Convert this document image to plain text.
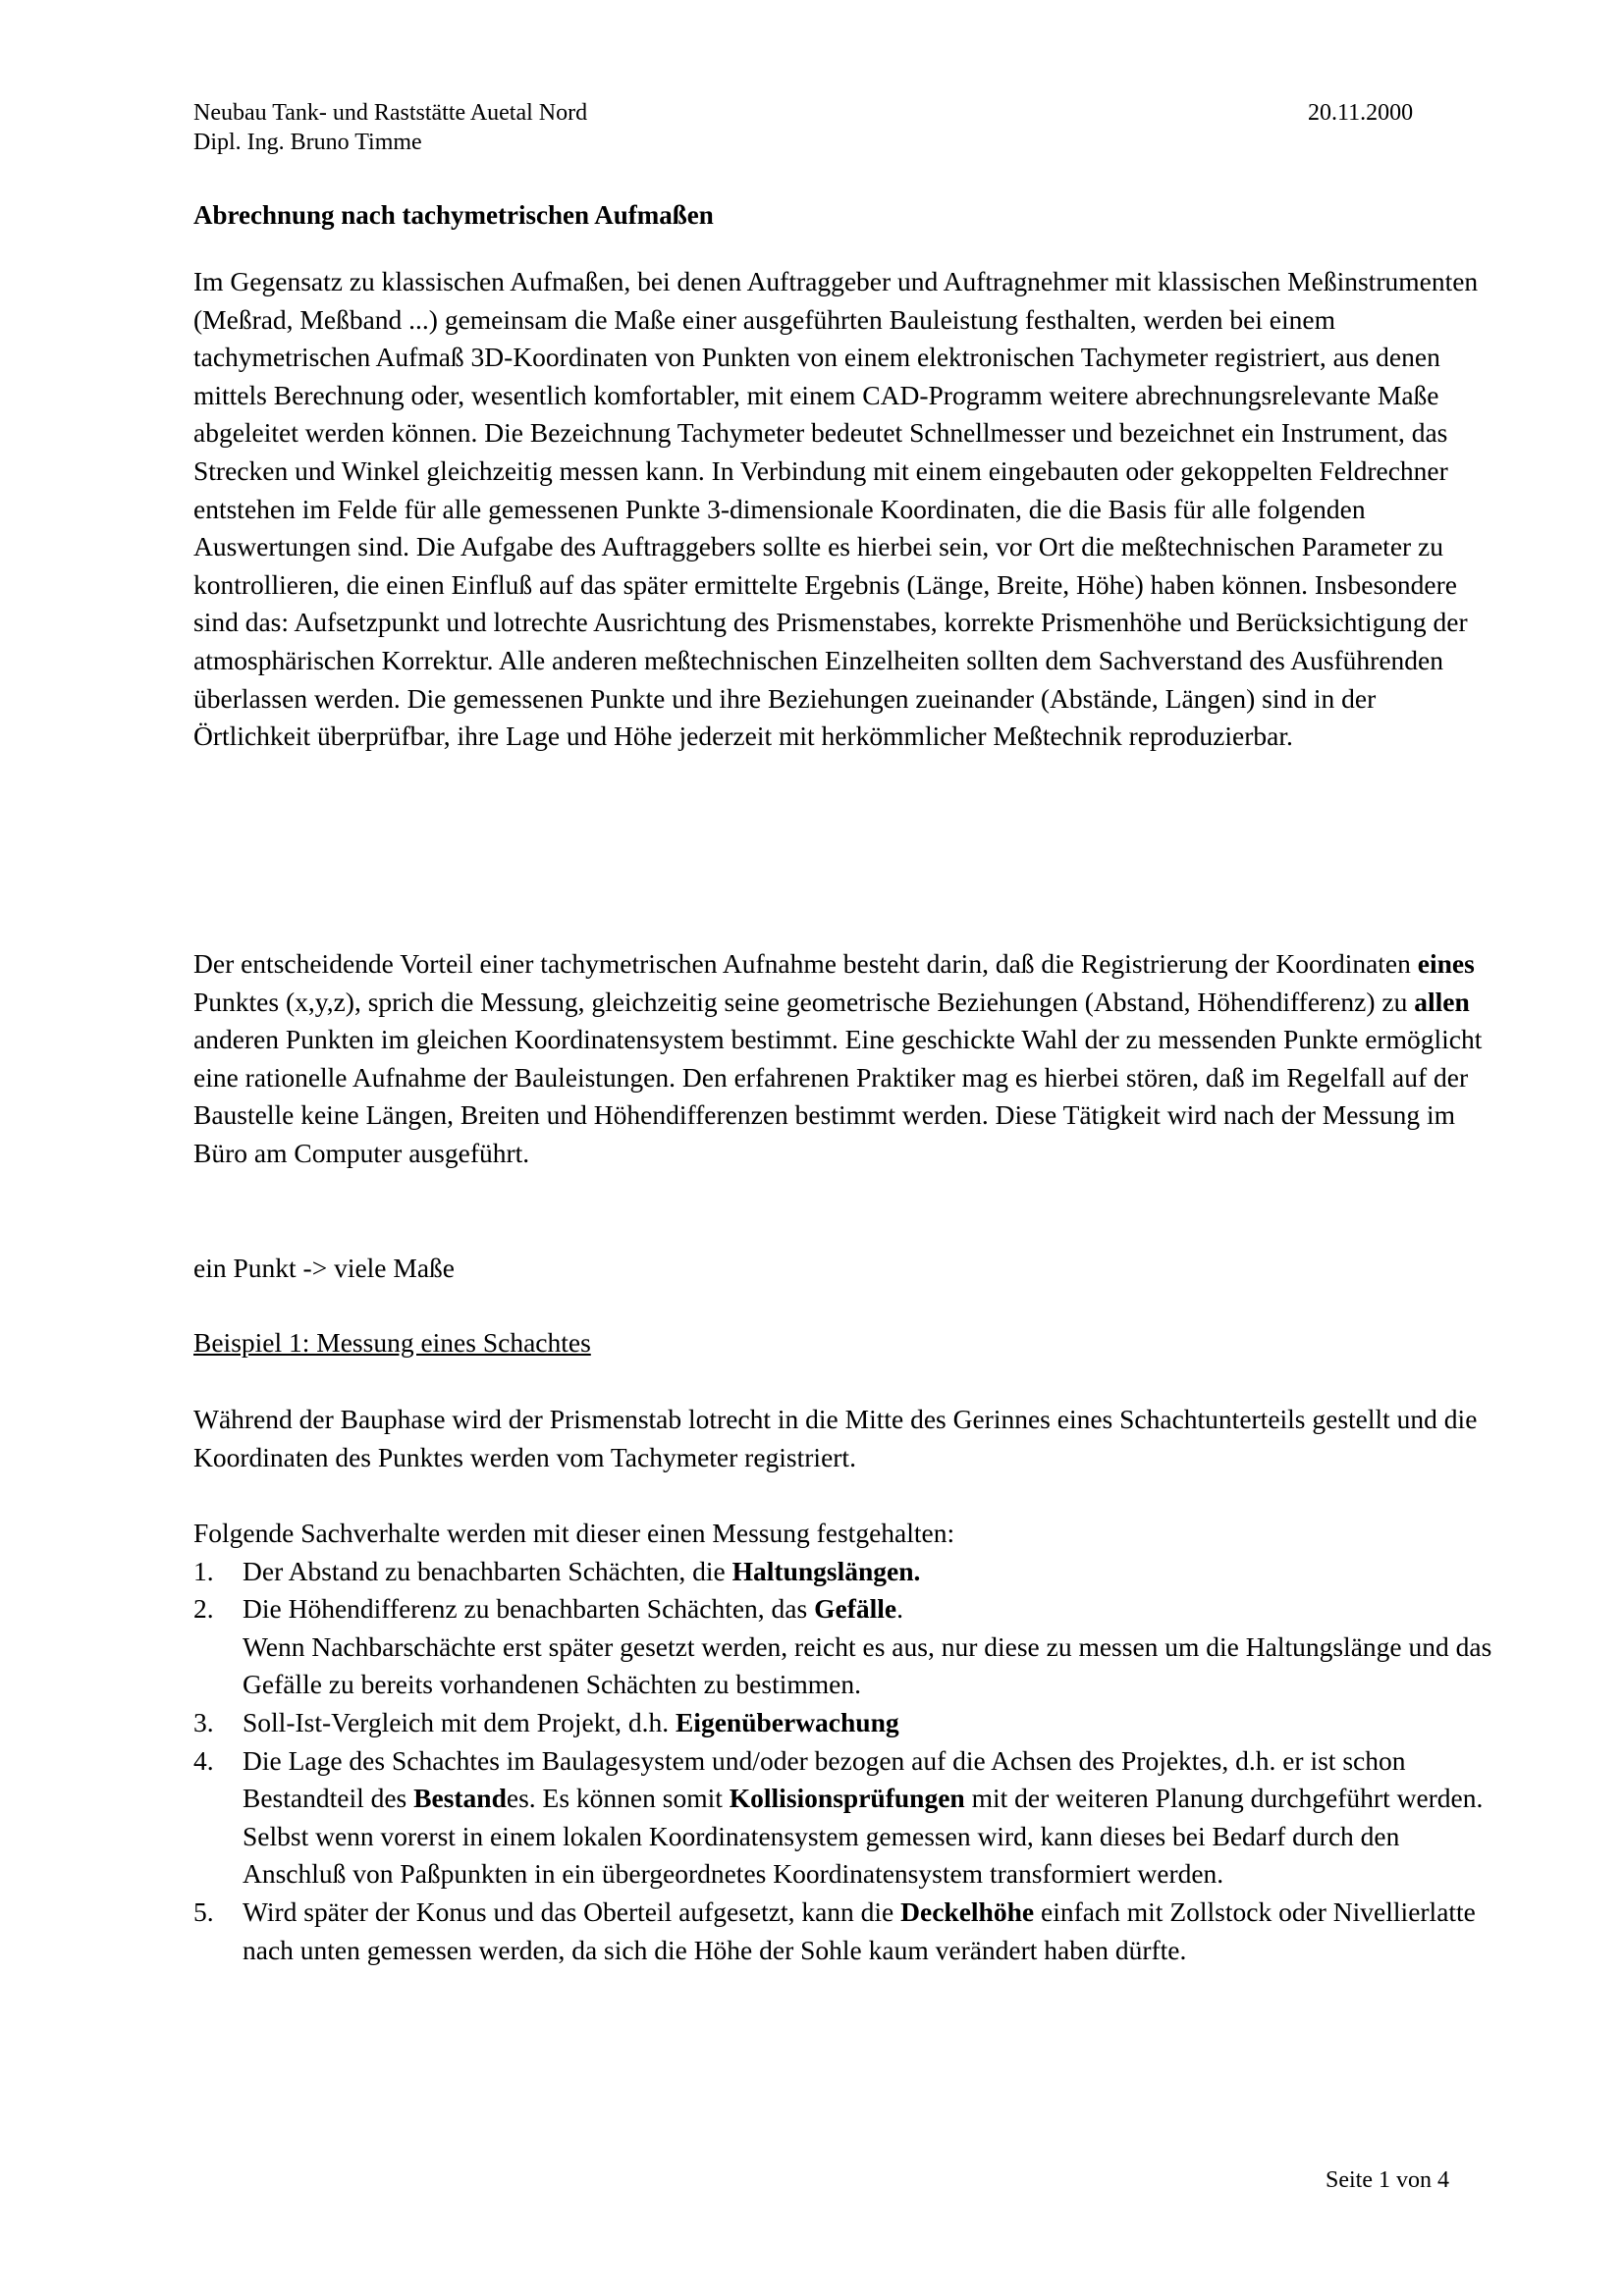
Neubau Tank- und Raststätte Auetal Nord
Dipl. Ing. Bruno Timme
20.11.2000
Abrechnung nach tachymetrischen Aufmaßen

Im Gegensatz zu klassischen Aufmaßen, bei denen Auftraggeber und Auftragnehmer mit klassischen Meßinstrumenten (Meßrad, Meßband ...) gemeinsam die Maße einer ausgeführten Bauleistung festhalten, werden bei einem tachymetrischen Aufmaß 3D-Koordinaten von Punkten von einem elektronischen Tachymeter registriert, aus denen mittels Berechnung oder, wesentlich komfortabler, mit einem CAD-Programm weitere abrechnungsrelevante Maße abgeleitet werden können. Die Bezeichnung Tachymeter bedeutet Schnellmesser und bezeichnet ein Instrument, das Strecken und Winkel gleichzeitig messen kann. In Verbindung mit einem eingebauten oder gekoppelten Feldrechner entstehen im Felde für alle gemessenen Punkte 3-dimensionale Koordinaten, die die Basis für alle folgenden Auswertungen sind. Die Aufgabe des Auftraggebers sollte es hierbei sein, vor Ort die meßtechnischen Parameter zu kontrollieren, die einen Einfluß auf das später ermittelte Ergebnis (Länge, Breite, Höhe) haben können. Insbesondere sind das: Aufsetzpunkt und lotrechte Ausrichtung des Prismenstabes, korrekte Prismenhöhe und Berücksichtigung der atmosphärischen Korrektur. Alle anderen meßtechnischen Einzelheiten sollten dem Sachverstand des Ausführenden überlassen werden. Die gemessenen Punkte und ihre Beziehungen zueinander (Abstände, Längen) sind in der Örtlichkeit überprüfbar, ihre Lage und Höhe jederzeit mit herkömmlicher Meßtechnik reproduzierbar.

Der entscheidende Vorteil einer tachymetrischen Aufnahme besteht darin, daß die Registrierung der Koordinaten eines Punktes (x,y,z), sprich die Messung, gleichzeitig seine geometrische Beziehungen (Abstand, Höhendifferenz) zu allen anderen Punkten im gleichen Koordinatensystem bestimmt. Eine geschickte Wahl der zu messenden Punkte ermöglicht eine rationelle Aufnahme der Bauleistungen. Den erfahrenen Praktiker mag es hierbei stören, daß im Regelfall auf der Baustelle keine Längen, Breiten und Höhendifferenzen bestimmt werden. Diese Tätigkeit wird nach der Messung im Büro am Computer ausgeführt.

ein Punkt -> viele Maße
Beispiel 1: Messung eines Schachtes

Während der Bauphase wird der Prismenstab lotrecht in die Mitte des Gerinnes eines Schachtunterteils gestellt und die Koordinaten des Punktes werden vom Tachymeter registriert.

Folgende Sachverhalte werden mit dieser einen Messung festgehalten:

1. Der Abstand zu benachbarten Schächten, die Haltungslängen.
2. Die Höhendifferenz zu benachbarten Schächten, das Gefälle.
Wenn Nachbarschächte erst später gesetzt werden, reicht es aus, nur diese zu messen um die Haltungslänge und das Gefälle zu bereits vorhandenen Schächten zu bestimmen.
3. Soll-Ist-Vergleich mit dem Projekt, d.h. Eigenüberwachung
4. Die Lage des Schachtes im Baulagesystem und/oder bezogen auf die Achsen des Projektes, d.h. er ist schon Bestandteil des Bestandes. Es können somit Kollisionsprüfungen mit der weiteren Planung durchgeführt werden. Selbst wenn vorerst in einem lokalen Koordinatensystem gemessen wird, kann dieses bei Bedarf durch den Anschluß von Paßpunkten in ein übergeordnetes Koordinatensystem transformiert werden.
5. Wird später der Konus und das Oberteil aufgesetzt, kann die Deckelhöhe einfach mit Zollstock oder Nivellierlatte nach unten gemessen werden, da sich die Höhe der Sohle kaum verändert haben dürfte.
Seite 1 von 4
